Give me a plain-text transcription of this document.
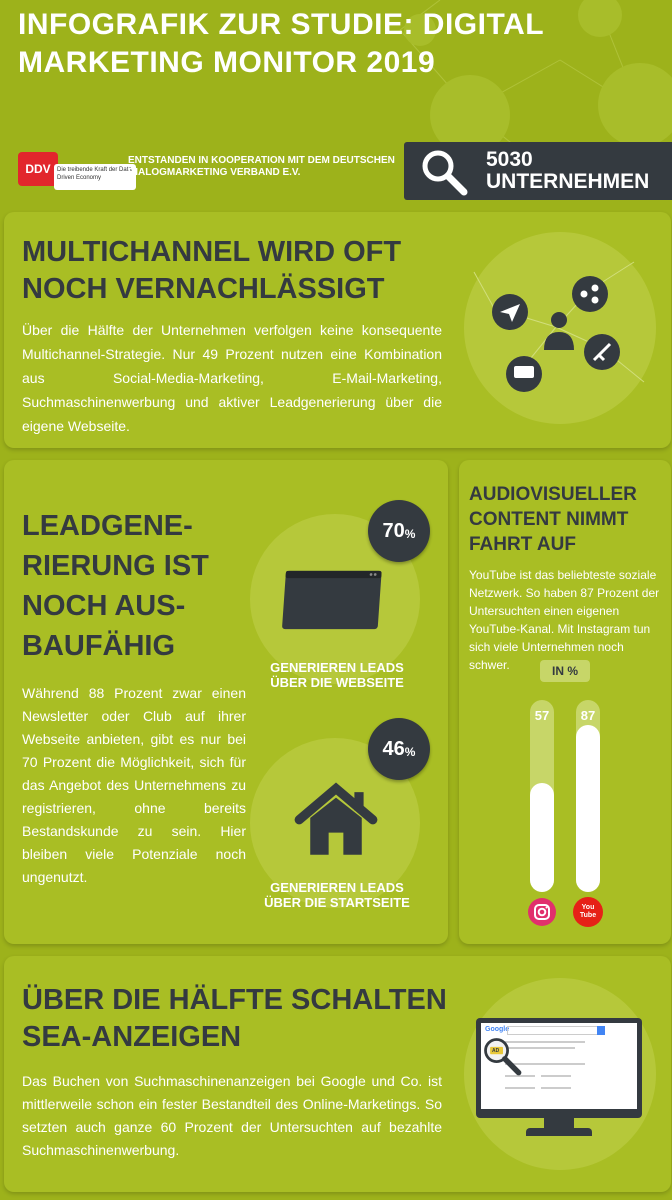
INFOGRAFIK ZUR STUDIE: DIGITAL MARKETING MONITOR 2019
DDV	Die treibende Kraft der Data Driven Economy
ENTSTANDEN IN KOOPERATION MIT DEM DEUTSCHEN DIALOGMARKETING VERBAND E.V.
5030
UNTERNEHMEN
MULTICHANNEL WIRD OFT NOCH VERNACHLÄSSIGT

Über die Hälfte der Unternehmen verfolgen keine konsequente Multichannel-Strategie. Nur 49 Prozent nutzen eine Kombination aus Social-Media-Marketing, E-Mail-Marketing, Suchmaschinenwerbung und aktiver Leadgenerierung über die eigene Webseite.

LEADGENE-RIERUNG IST NOCH AUS-BAUFÄHIG

Während 88 Prozent zwar einen Newsletter oder Club auf ihrer Webseite anbieten, gibt es nur bei 70 Prozent die Möglichkeit, sich für das Angebot des Unternehmens zu registrieren, ohne bereits Bestandskunde zu sein. Hier bleiben viele Potenziale noch ungenutzt.

70 %
GENERIEREN LEADS ÜBER DIE WEBSEITE
46 %
GENERIEREN LEADS ÜBER DIE STARTSEITE
AUDIOVISUELLER CONTENT NIMMT FAHRT AUF

YouTube ist das beliebteste soziale Netzwerk. So haben 87 Prozent der Untersuchten einen eigenen YouTube-Kanal. Mit Instagram tun sich viele Unternehmen noch schwer.	IN %
57	87
You Tube
ÜBER DIE HÄLFTE SCHALTEN SEA-ANZEIGEN

Das Buchen von Suchmaschinenanzeigen bei Google und Co. ist mittlerweile schon ein fester Bestandteil des Online-Marketings. So setzten auch ganze 60 Prozent der Untersuchten auf bezahlte Suchmaschinenwerbung.

Google
AD
